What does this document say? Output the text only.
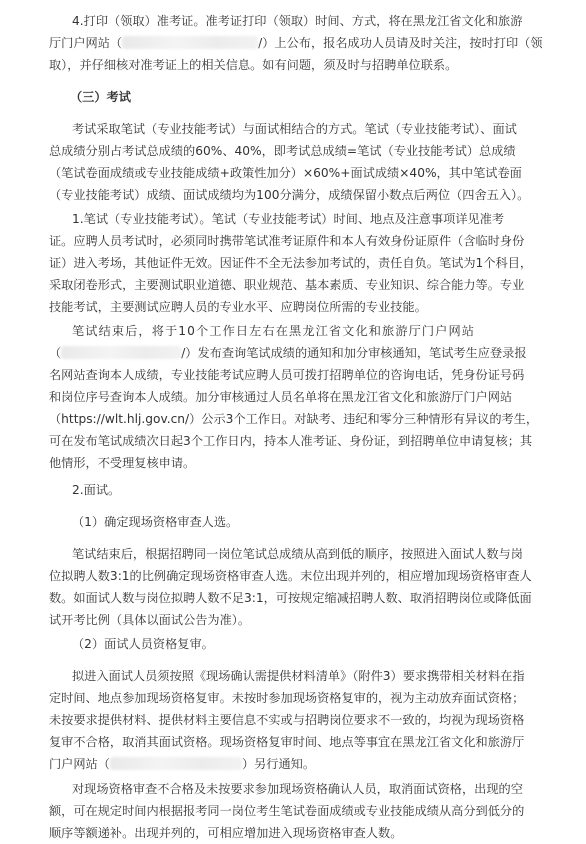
4.打印（领取）准考证。准考证打印（领取）时间、方式，将在黑龙江省文化和旅游
厅门户网站（	/）上公布，报名成功人员请及时关注，按时打印（领
取），并仔细核对准考证上的相关信息。如有问题，须及时与招聘单位联系。
（三）考试
考试采取笔试（专业技能考试）与面试相结合的方式。笔试（专业技能考试）、面试
总成绩分别占考试总成绩的60%、40%，即考试总成绩=笔试（专业技能考试）总成绩
（笔试卷面成绩或专业技能成绩+政策性加分）×60%+面试成绩×40%，其中笔试卷面
（专业技能考试）成绩、面试成绩均为100分满分，成绩保留小数点后两位（四舍五入）。
1.笔试（专业技能考试）。笔试（专业技能考试）时间、地点及注意事项详见准考
证。应聘人员考试时，必须同时携带笔试准考证原件和本人有效身份证原件（含临时身份
证）进入考场，其他证件无效。因证件不全无法参加考试的，责任自负。笔试为1个科目，
采取闭卷形式，主要测试职业道德、职业规范、基本素质、专业知识、综合能力等。专业
技能考试，主要测试应聘人员的专业水平、应聘岗位所需的专业技能。
笔试结束后，将于10个工作日左右在黑龙江省文化和旅游厅门户网站
（	/）发布查询笔试成绩的通知和加分审核通知，笔试考生应登录报
名网站查询本人成绩，专业技能考试应聘人员可拨打招聘单位的咨询电话，凭身份证号码
和岗位序号查询本人成绩。加分审核通过人员名单将在黑龙江省文化和旅游厅门户网站
（https://wlt.hlj.gov.cn/）公示3个工作日。对缺考、违纪和零分三种情形有异议的考生，
可在发布笔试成绩次日起3个工作日内，持本人准考证、身份证，到招聘单位申请复核；其
他情形，不受理复核申请。
2.面试。
（1）确定现场资格审查人选。
笔试结束后，根据招聘同一岗位笔试总成绩从高到低的顺序，按照进入面试人数与岗
位拟聘人数3:1的比例确定现场资格审查人选。末位出现并列的，相应增加现场资格审查人
数。如面试人数与岗位拟聘人数不足3:1，可按规定缩减招聘人数、取消招聘岗位或降低面
试开考比例（具体以面试公告为准）。
（2）面试人员资格复审。
拟进入面试人员须按照《现场确认需提供材料清单》（附件3）要求携带相关材料在指
定时间、地点参加现场资格复审。未按时参加现场资格复审的，视为主动放弃面试资格；
未按要求提供材料、提供材料主要信息不实或与招聘岗位要求不一致的，均视为现场资格
复审不合格，取消其面试资格。现场资格复审时间、地点等事宜在黑龙江省文化和旅游厅
门户网站（	）另行通知。
对现场资格审查不合格及未按要求参加现场资格确认人员，取消面试资格，出现的空
额，可在规定时间内根据报考同一岗位考生笔试卷面成绩或专业技能成绩从高分到低分的
顺序等额递补。出现并列的，可相应增加进入现场资格审查人数。
